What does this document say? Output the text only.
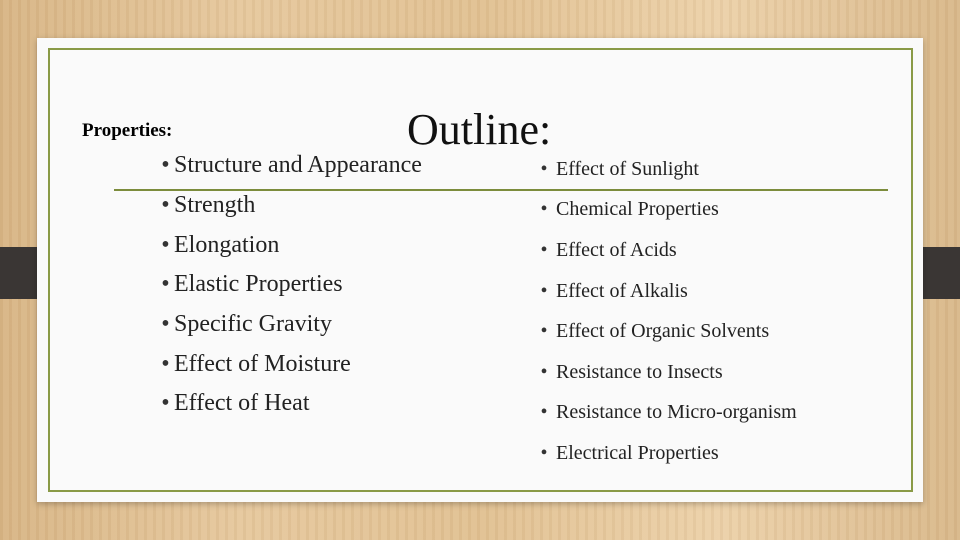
Outline:
Properties:
• Structure and Appearance
• Strength
• Elongation
• Elastic Properties
• Specific Gravity
• Effect of Moisture
• Effect of Heat
• Effect of Sunlight
• Chemical Properties
• Effect of Acids
• Effect of Alkalis
• Effect of Organic Solvents
• Resistance to Insects
• Resistance to Micro-organism
• Electrical Properties
